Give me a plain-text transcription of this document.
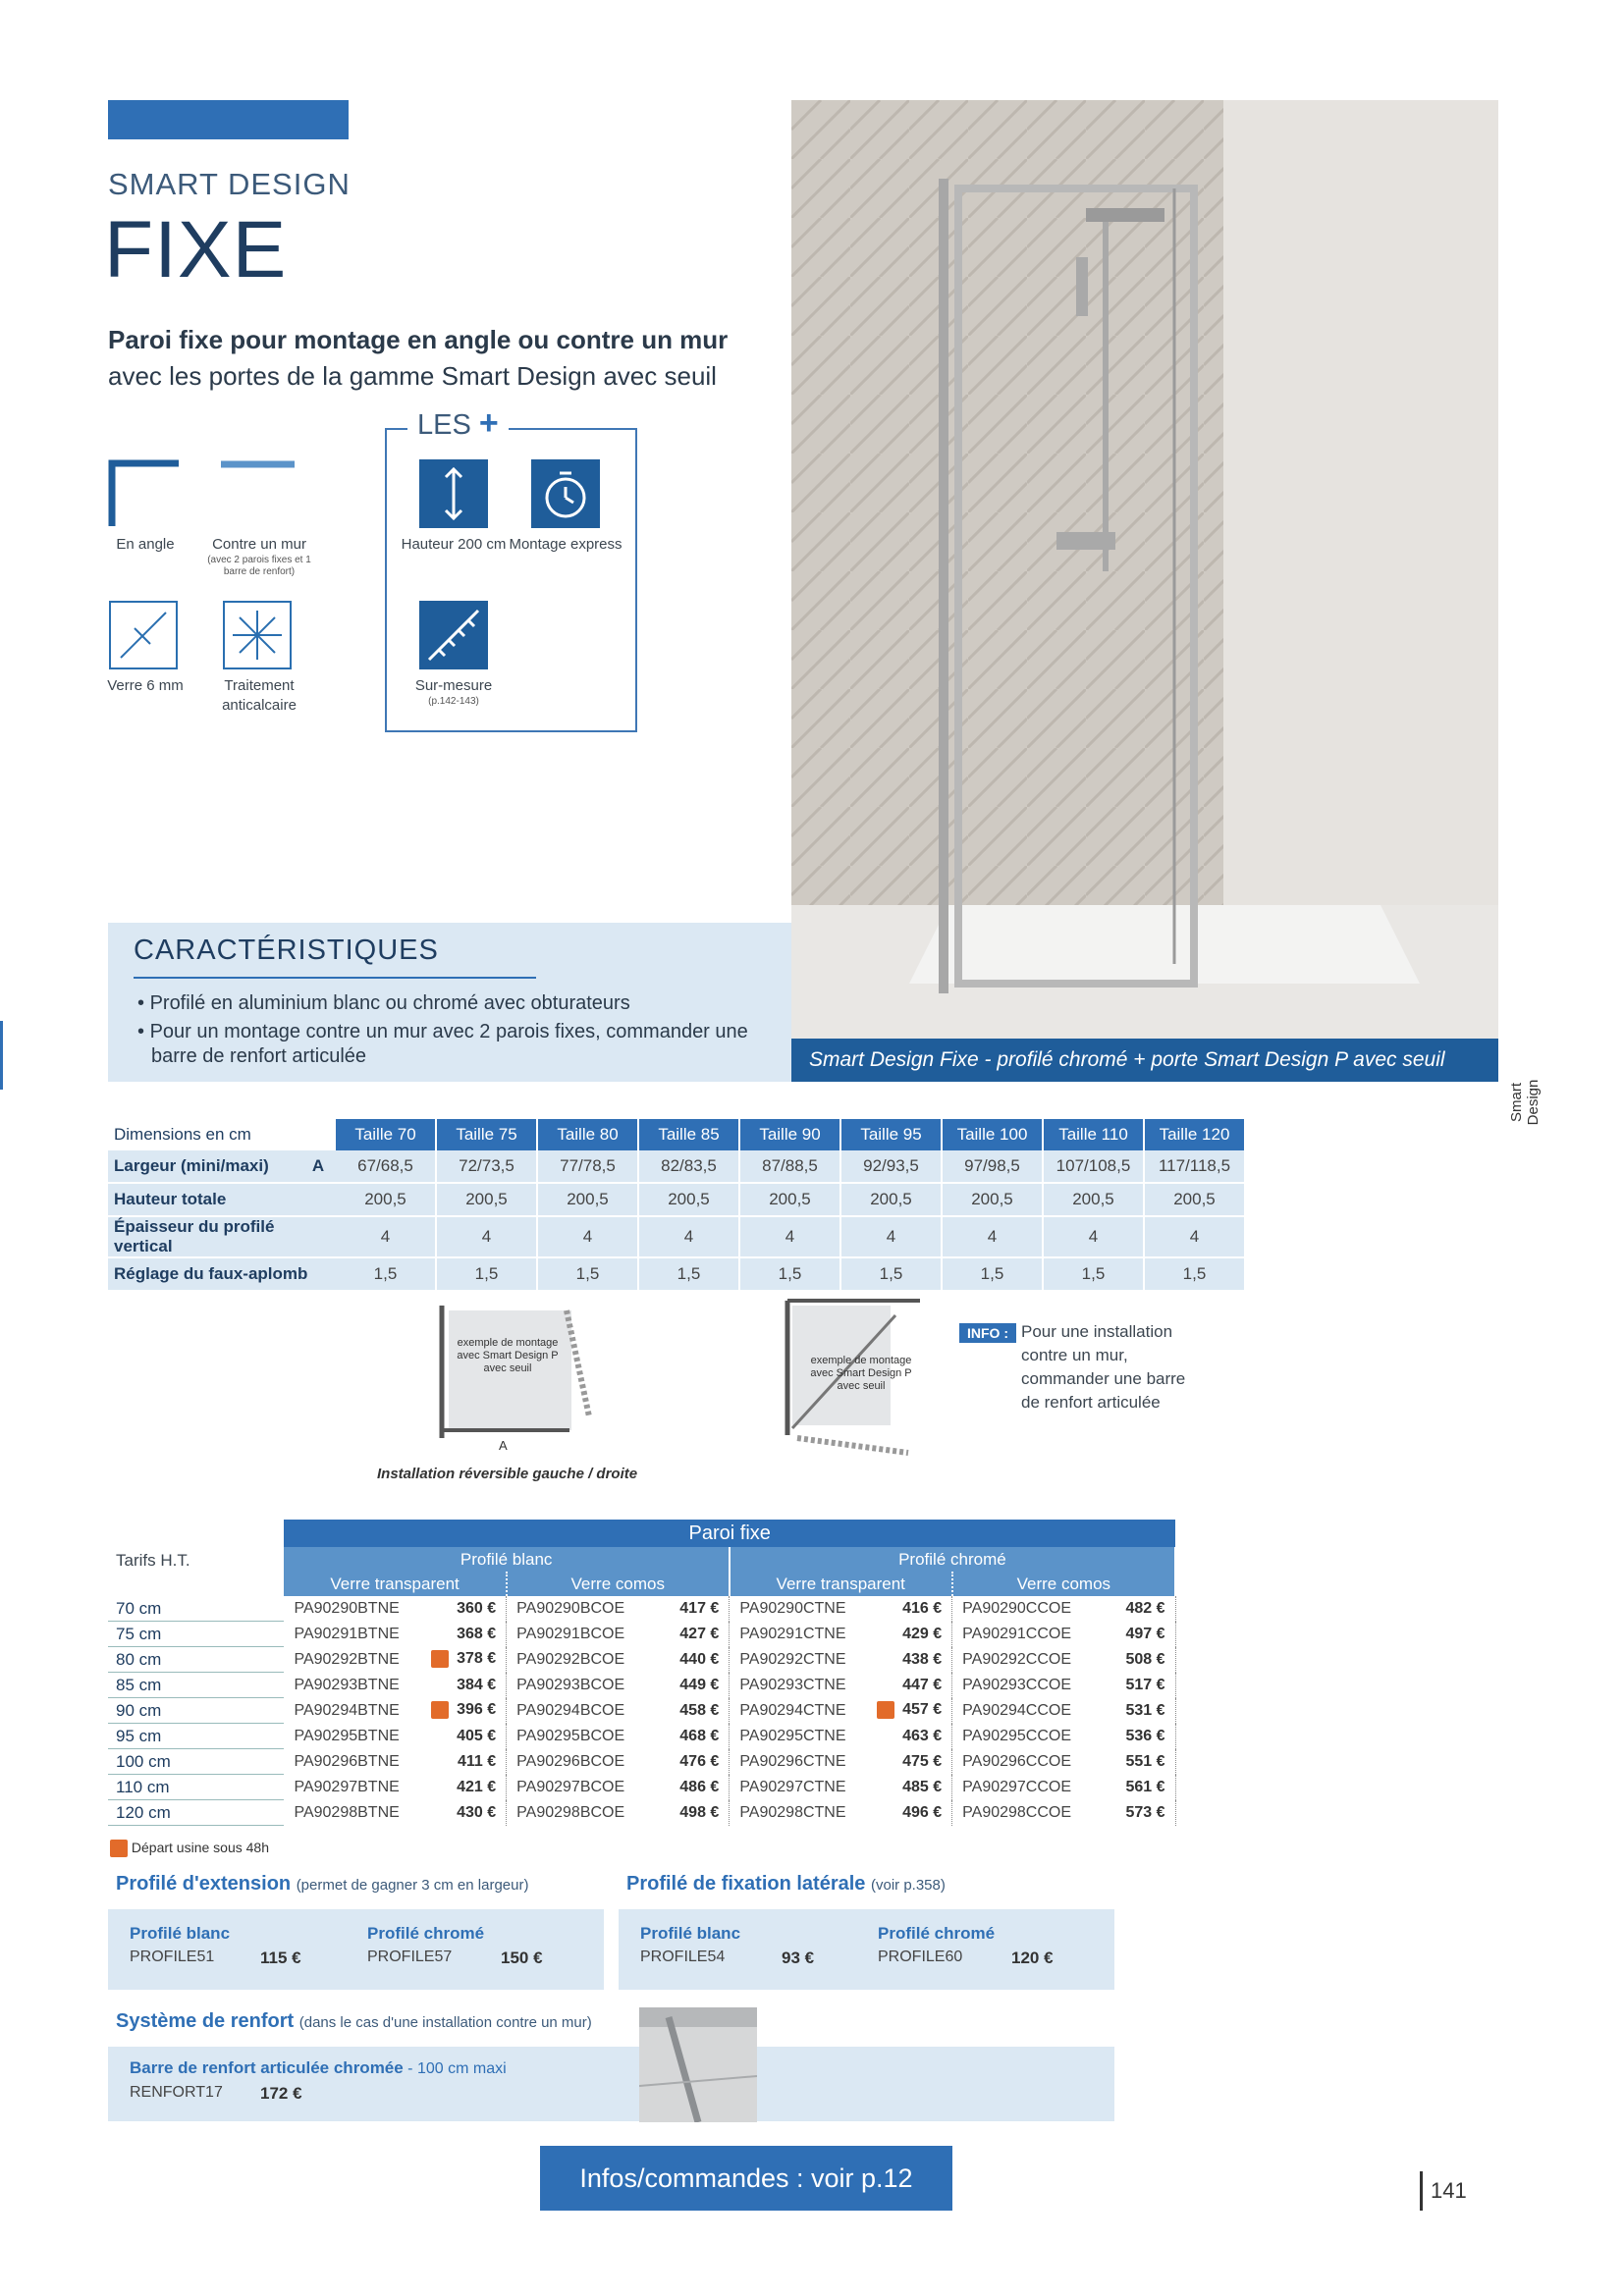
SMART DESIGN
FIXE
Paroi fixe pour montage en angle ou contre un mur
avec les portes de la gamme Smart Design avec seuil
En angle	Contre un mur
(avec 2 parois fixes et 1 barre de renfort)
Verre 6 mm	Traitement anticalcaire
LES +
Hauteur 200 cm Montage express
Sur-mesure
(p.142-143)
Smart Design Fixe - profilé chromé + porte Smart Design P avec seuil
CARACTÉRISTIQUES
• Profilé en aluminium blanc ou chromé avec obturateurs
• Pour un montage contre un mur avec 2 parois fixes, commander une barre de renfort articulée
Smart Design
Dimensions en cm		Taille 70	Taille 75	Taille 80	Taille 85	Taille 90	Taille 95	Taille 100	Taille 110	Taille 120
Largeur (mini/maxi)	A	67/68,5	72/73,5	77/78,5	82/83,5	87/88,5	92/93,5	97/98,5	107/108,5	117/118,5
Hauteur totale		200,5	200,5	200,5	200,5	200,5	200,5	200,5	200,5	200,5
Épaisseur du profilé vertical		4	4	4	4	4	4	4	4	4
Réglage du faux-aplomb		1,5	1,5	1,5	1,5	1,5	1,5	1,5	1,5	1,5
exemple de montage avec Smart Design P avec seuil
A
Installation réversible gauche / droite
exemple de montage avec Smart Design P avec seuil
INFO : Pour une installation contre un mur, commander une barre de renfort articulée
Tarifs H.T.
	Paroi fixe							
	Profilé blanc				Profilé chromé			
	Verre transparent		Verre comos		Verre transparent		Verre comos	
70 cm	PA90290BTNE	360 €	PA90290BCOE	417 €	PA90290CTNE	416 €	PA90290CCOE	482 €
75 cm	PA90291BTNE	368 €	PA90291BCOE	427 €	PA90291CTNE	429 €	PA90291CCOE	497 €
80 cm	PA90292BTNE	378 €	PA90292BCOE	440 €	PA90292CTNE	438 €	PA90292CCOE	508 €
85 cm	PA90293BTNE	384 €	PA90293BCOE	449 €	PA90293CTNE	447 €	PA90293CCOE	517 €
90 cm	PA90294BTNE	396 €	PA90294BCOE	458 €	PA90294CTNE	457 €	PA90294CCOE	531 €
95 cm	PA90295BTNE	405 €	PA90295BCOE	468 €	PA90295CTNE	463 €	PA90295CCOE	536 €
100 cm	PA90296BTNE	411 €	PA90296BCOE	476 €	PA90296CTNE	475 €	PA90296CCOE	551 €
110 cm	PA90297BTNE	421 €	PA90297BCOE	486 €	PA90297CTNE	485 €	PA90297CCOE	561 €
120 cm	PA90298BTNE	430 €	PA90298BCOE	498 €	PA90298CTNE	496 €	PA90298CCOE	573 €
Départ usine sous 48h
Profilé d'extension (permet de gagner 3 cm en largeur)
Profilé blanc
PROFILE51	115 €
Profilé chromé
PROFILE57	150 €
Profilé de fixation latérale (voir p.358)
Profilé blanc
PROFILE54	93 €
Profilé chromé
PROFILE60	120 €
Système de renfort (dans le cas d'une installation contre un mur)
Barre de renfort articulée chromée - 100 cm maxi
RENFORT17 172 €
Infos/commandes : voir p.12	141
